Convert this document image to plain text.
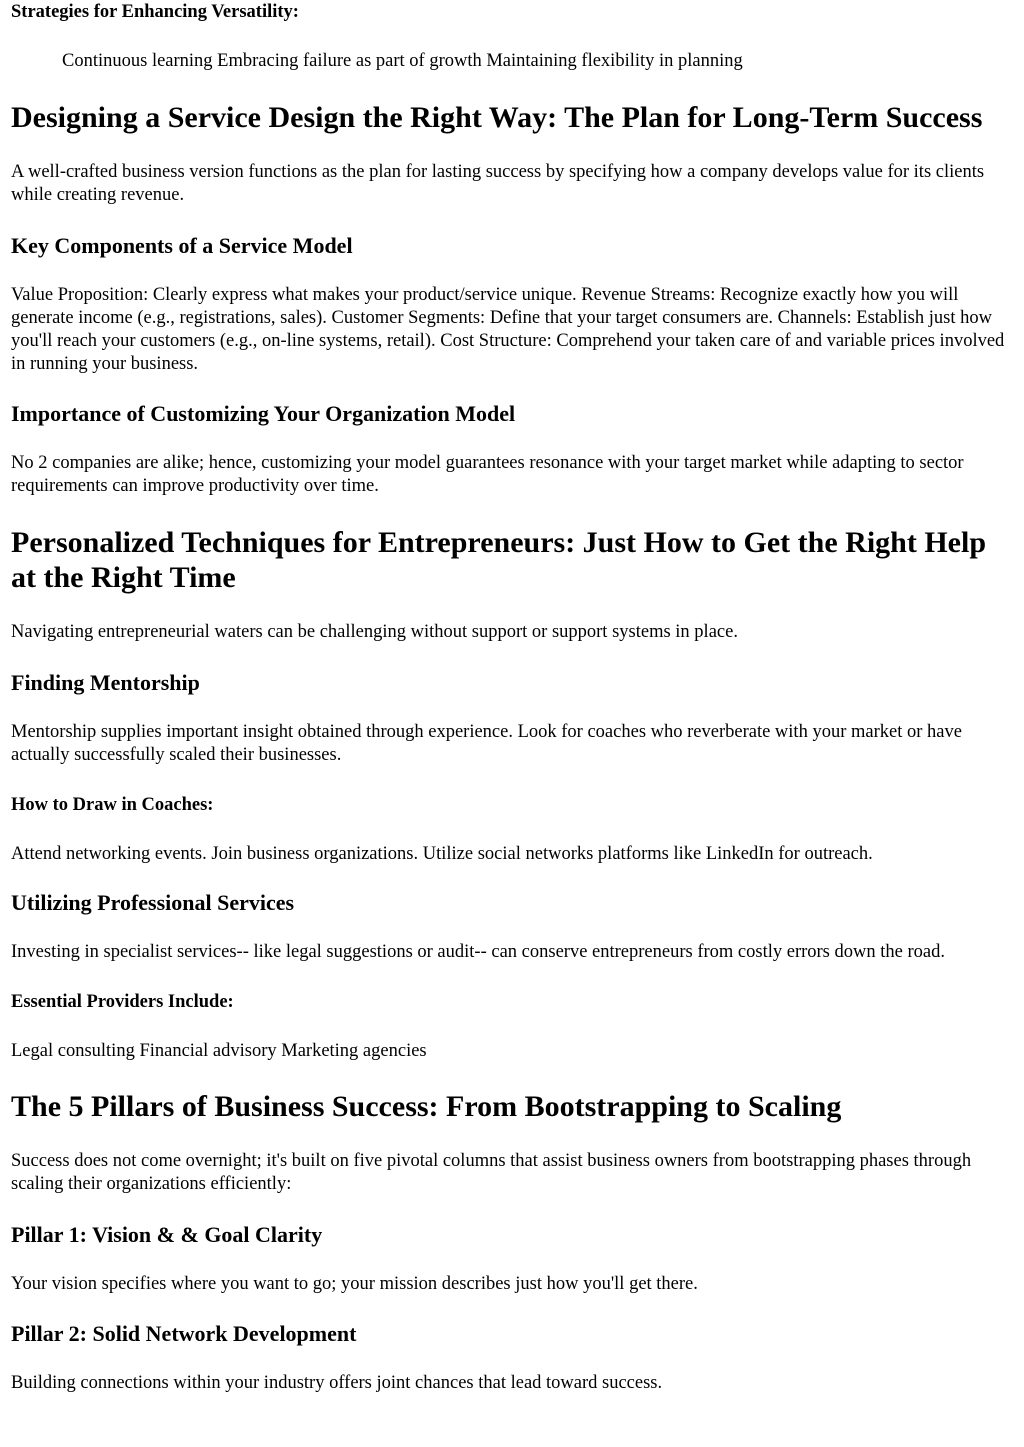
Strategies for Enhancing Versatility:
Continuous learning Embracing failure as part of growth Maintaining flexibility in planning
Designing a Service Design the Right Way: The Plan for Long-Term Success

A well-crafted business version functions as the plan for lasting success by specifying how a company develops value for its clients while creating revenue.

Key Components of a Service Model

Value Proposition: Clearly express what makes your product/service unique. Revenue Streams: Recognize exactly how you will generate income (e.g., registrations, sales). Customer Segments: Define that your target consumers are. Channels: Establish just how you'll reach your customers (e.g., on-line systems, retail). Cost Structure: Comprehend your taken care of and variable prices involved in running your business.

Importance of Customizing Your Organization Model

No 2 companies are alike; hence, customizing your model guarantees resonance with your target market while adapting to sector requirements can improve productivity over time.

Personalized Techniques for Entrepreneurs: Just How to Get the Right Help at the Right Time

Navigating entrepreneurial waters can be challenging without support or support systems in place.

Finding Mentorship

Mentorship supplies important insight obtained through experience. Look for coaches who reverberate with your market or have actually successfully scaled their businesses.

How to Draw in Coaches:

Attend networking events. Join business organizations. Utilize social networks platforms like LinkedIn for outreach.

Utilizing Professional Services

Investing in specialist services-- like legal suggestions or audit-- can conserve entrepreneurs from costly errors down the road.

Essential Providers Include:

Legal consulting Financial advisory Marketing agencies

The 5 Pillars of Business Success: From Bootstrapping to Scaling

Success does not come overnight; it's built on five pivotal columns that assist business owners from bootstrapping phases through scaling their organizations efficiently:

Pillar 1: Vision & & Goal Clarity

Your vision specifies where you want to go; your mission describes just how you'll get there.

Pillar 2: Solid Network Development

Building connections within your industry offers joint chances that lead toward success.
